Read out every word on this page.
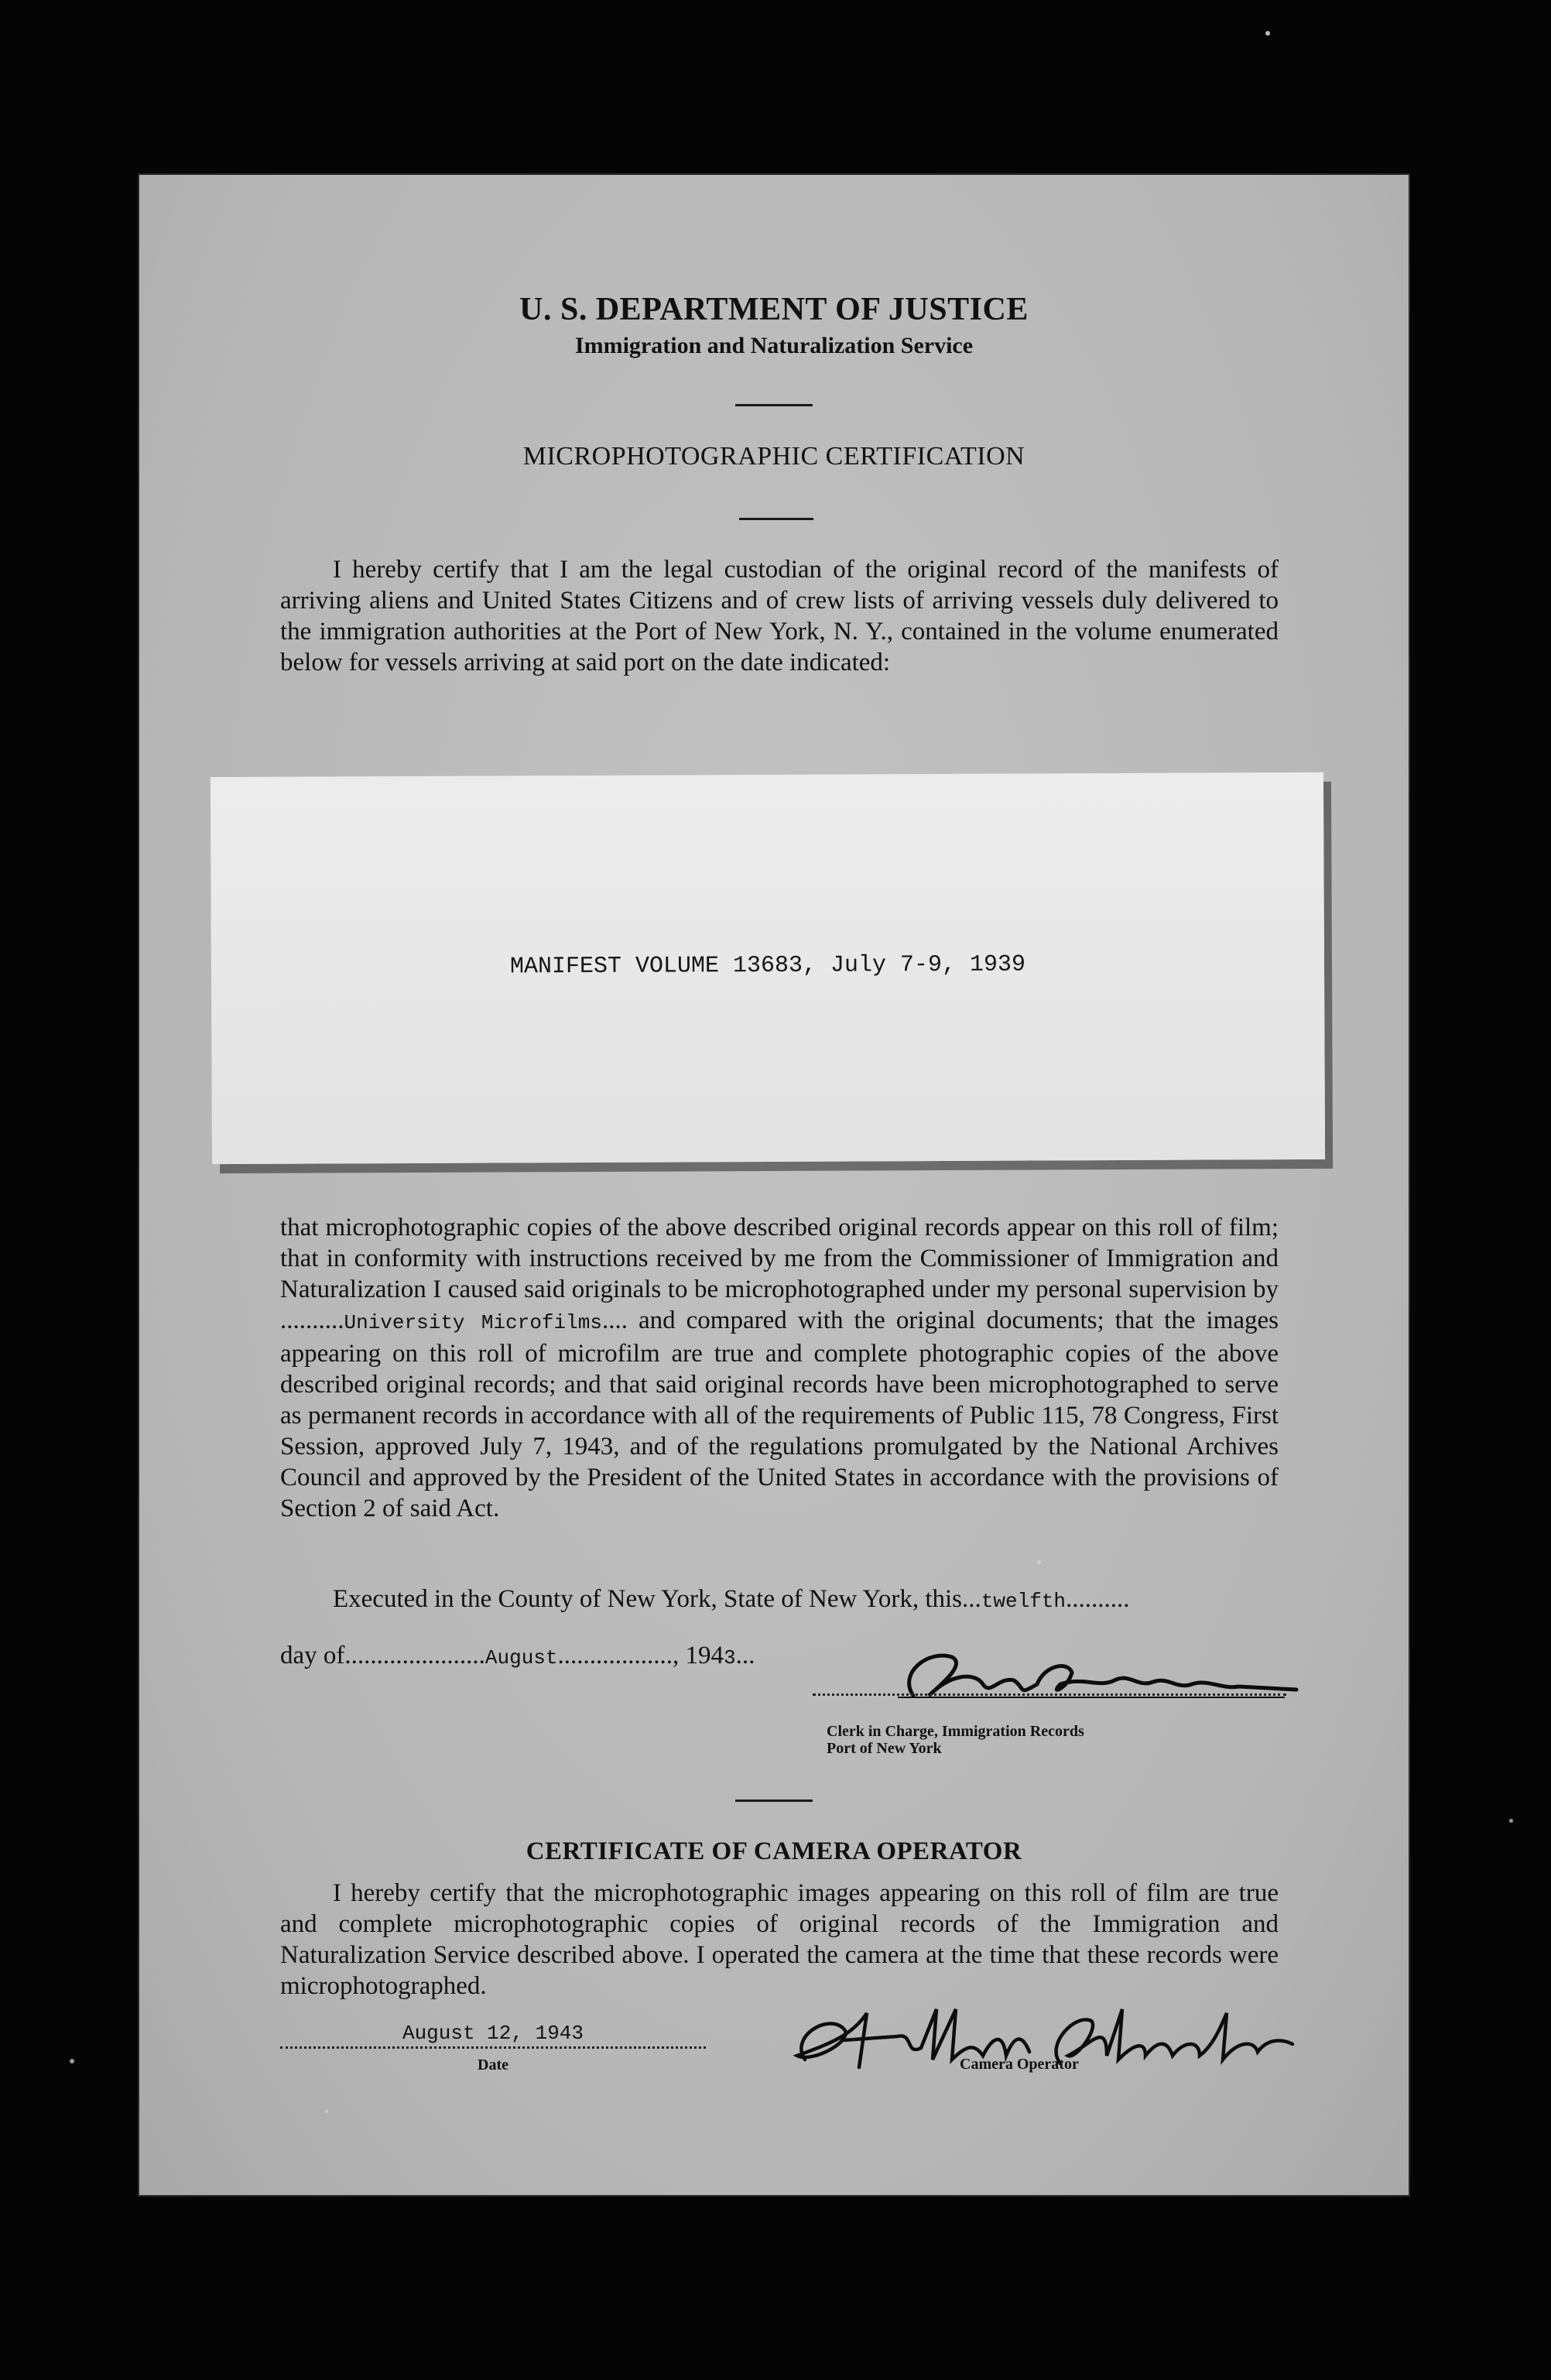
U. S. DEPARTMENT OF JUSTICE
Immigration and Naturalization Service
MICROPHOTOGRAPHIC CERTIFICATION
I hereby certify that I am the legal custodian of the original record of the manifests of arriving aliens and United States Citizens and of crew lists of arriving vessels duly delivered to the immigration authorities at the Port of New York, N. Y., contained in the volume enumerated below for vessels arriving at said port on the date indicated:
MANIFEST VOLUME 13683, July 7-9, 1939
that microphotographic copies of the above described original records appear on this roll of film; that in conformity with instructions received by me from the Commissioner of Immigration and Naturalization I caused said originals to be microphotographed under my personal supervision by ..........University Microfilms.... and compared with the original documents; that the images appearing on this roll of microfilm are true and complete photographic copies of the above described original records; and that said original records have been microphotographed to serve as permanent records in accordance with all of the requirements of Public 115, 78 Congress, First Session, approved July 7, 1943, and of the regulations promulgated by the National Archives Council and approved by the President of the United States in accordance with the provisions of Section 2 of said Act.
Executed in the County of New York, State of New York, this...twelfth..........
day of......................August.................., 1943...
Clerk in Charge, Immigration Records
Port of New York
CERTIFICATE OF CAMERA OPERATOR
I hereby certify that the microphotographic images appearing on this roll of film are true and complete microphotographic copies of original records of the Immigration and Naturalization Service described above. I operated the camera at the time that these records were microphotographed.
August 12, 1943
Date	Camera Operator
